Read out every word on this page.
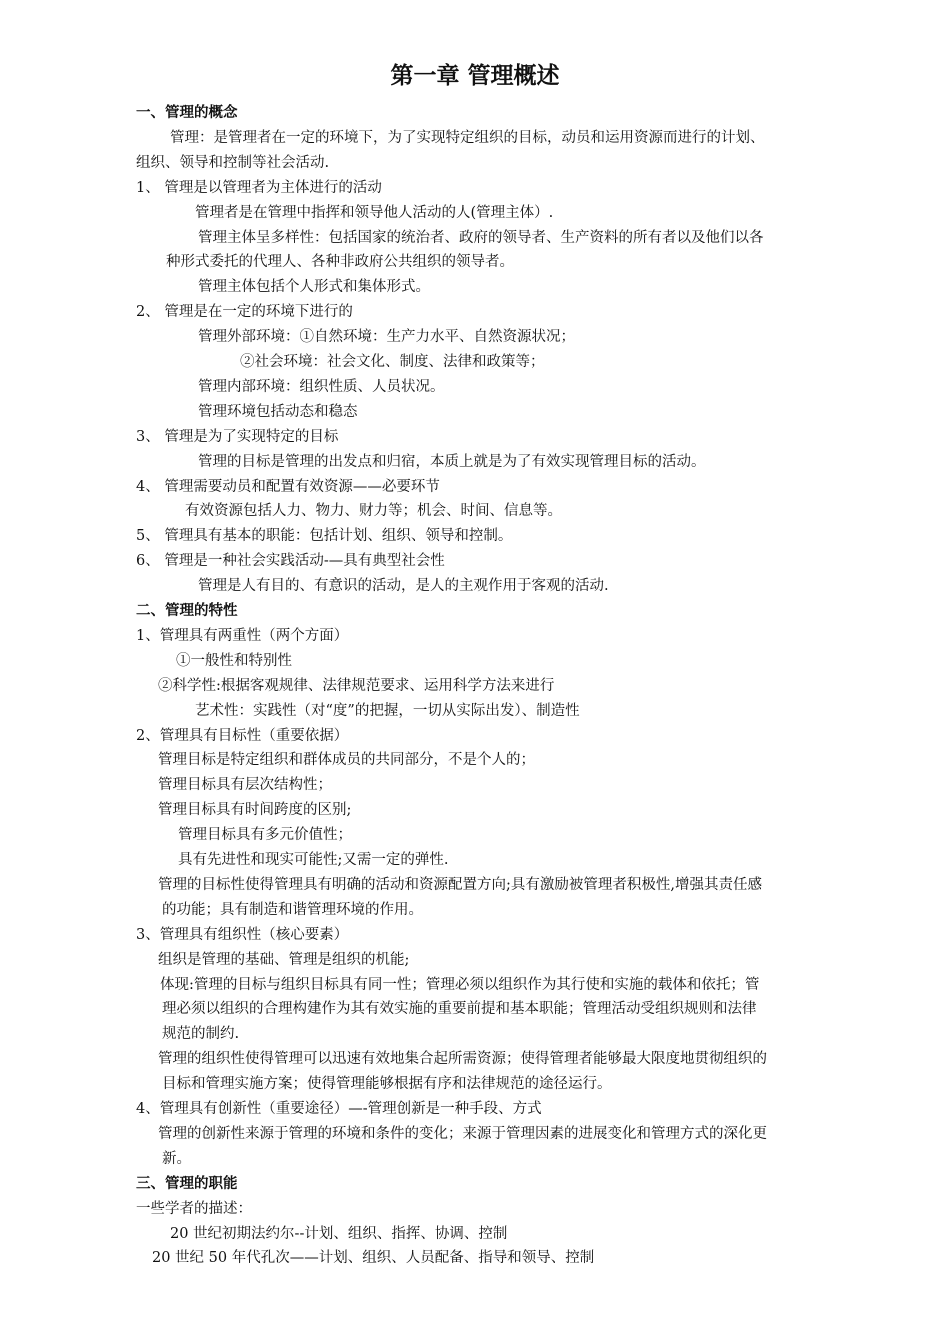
第一章 管理概述
一、管理的概念
管理：是管理者在一定的环境下，为了实现特定组织的目标，动员和运用资源而进行的计划、
组织、领导和控制等社会活动.
1、 管理是以管理者为主体进行的活动
管理者是在管理中指挥和领导他人活动的人(管理主体）.
管理主体呈多样性：包括国家的统治者、政府的领导者、生产资料的所有者以及他们以各
种形式委托的代理人、各种非政府公共组织的领导者。
管理主体包括个人形式和集体形式。
2、 管理是在一定的环境下进行的
管理外部环境：①自然环境：生产力水平、自然资源状况；
②社会环境：社会文化、制度、法律和政策等；
管理内部环境：组织性质、人员状况。
管理环境包括动态和稳态
3、 管理是为了实现特定的目标
管理的目标是管理的出发点和归宿，本质上就是为了有效实现管理目标的活动。
4、 管理需要动员和配置有效资源——必要环节
有效资源包括人力、物力、财力等；机会、时间、信息等。
5、 管理具有基本的职能：包括计划、组织、领导和控制。
6、 管理是一种社会实践活动-—具有典型社会性
管理是人有目的、有意识的活动，是人的主观作用于客观的活动.
二、管理的特性
1、管理具有两重性（两个方面）
①一般性和特别性
②科学性:根据客观规律、法律规范要求、运用科学方法来进行
艺术性：实践性（对“度”的把握，一切从实际出发）、制造性
2、管理具有目标性（重要依据）
管理目标是特定组织和群体成员的共同部分，不是个人的；
管理目标具有层次结构性；
管理目标具有时间跨度的区别;
管理目标具有多元价值性；
具有先进性和现实可能性;又需一定的弹性.
管理的目标性使得管理具有明确的活动和资源配置方向;具有激励被管理者积极性,增强其责任感
的功能；具有制造和谐管理环境的作用。
3、管理具有组织性（核心要素）
组织是管理的基础、管理是组织的机能;
体现:管理的目标与组织目标具有同一性；管理必须以组织作为其行使和实施的载体和依托；管
理必须以组织的合理构建作为其有效实施的重要前提和基本职能；管理活动受组织规则和法律
规范的制约.
管理的组织性使得管理可以迅速有效地集合起所需资源；使得管理者能够最大限度地贯彻组织的
目标和管理实施方案；使得管理能够根据有序和法律规范的途径运行。
4、管理具有创新性（重要途径）—-管理创新是一种手段、方式
管理的创新性来源于管理的环境和条件的变化；来源于管理因素的进展变化和管理方式的深化更
新。
三、管理的职能
一些学者的描述：
20 世纪初期法约尔--计划、组织、指挥、协调、控制
20 世纪 50 年代孔次——计划、组织、人员配备、指导和领导、控制
